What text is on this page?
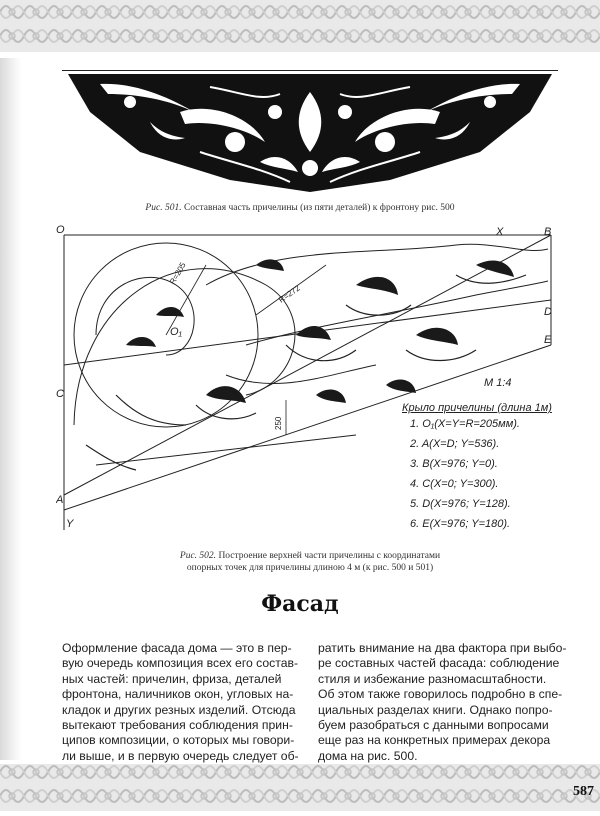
Рис. 501. Составная часть причелины (из пяти деталей) к фронтону рис. 500
O	X	B
D
E
C
A
Y
O₁
R=205
R=272
250
М 1:4
Крыло причелины (длина 1м)
1. O₁(X=Y=R=205мм).
2. A(X=D; Y=536).
3. B(X=976; Y=0).
4. C(X=0; Y=300).
5. D(X=976; Y=128).
6. E(X=976; Y=180).
Рис. 502. Построение верхней части причелины с координатами
опорных точек для причелины длиною 4 м (к рис. 500 и 501)
Фасад
Оформление фасада дома — это в пер-
вую очередь композиция всех его состав-
ных частей: причелин, фриза, деталей
фронтона, наличников окон, угловых на-
кладок и других резных изделий. Отсюда
вытекают требования соблюдения прин-
ципов композиции, о которых мы говори-
ли выше, и в первую очередь следует об-
ратить внимание на два фактора при выбо-
ре составных частей фасада: соблюдение
стиля и избежание разномасштабности.
Об этом также говорилось подробно в спе-
циальных разделах книги. Однако попро-
буем разобраться с данными вопросами
еще раз на конкретных примерах декора
дома на рис. 500.
587
